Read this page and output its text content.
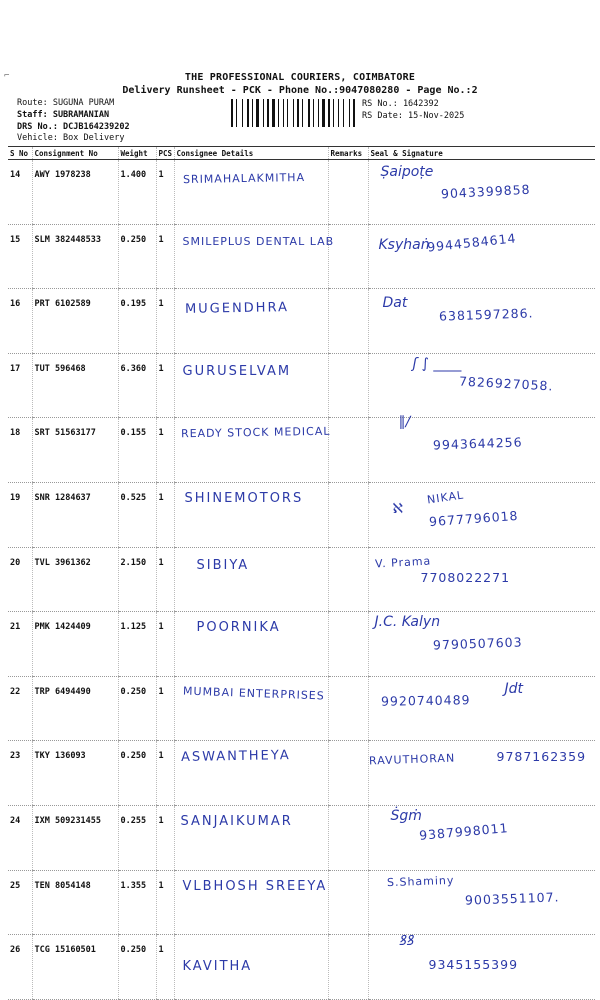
⌐	THE PROFESSIONAL COURIERS, COIMBATORE
Delivery Runsheet - PCK - Phone No.:9047080280 - Page No.:2
Route: SUGUNA PURAM
Staff: SUBRAMANIAN
DRS No.: DCJB164239202
Vehicle: Box Delivery
RS No.: 1642392
RS Date: 15-Nov-2025
S No	Consignment No	Weight	PCS	Consignee Details	Remarks	Seal & Signature
14	AWY 1978238	1.400	1	SRIMAHALAKMITHA		Ṣaipoṭe
9043399858

15	SLM 382448533	0.250	1	SMILEPLUS DENTAL LAB		Ksyhaṅ
9944584614

16	PRT 6102589	0.195	1	MUGENDHRA		Dat
6381597286.

17	TUT 596468	6.360	1	GURUSELVAM		ʃ ∫ ____
7826927058.

18	SRT 51563177	0.155	1	READY STOCK MEDICAL		∥∕
9943644256

19	SNR 1284637	0.525	1	SHINEMOTORS		ℵ
NIKAL
9677796018

20	TVL 3961362	2.150	1	SIBIYA		V. Prama
7708022271

21	PMK 1424409	1.125	1	POORNIKA		J.C. Kalyn
9790507603

22	TRP 6494490	0.250	1	MUMBAI ENTERPRISES		Jdt
9920740489

23	TKY 136093	0.250	1	ASWANTHEYA		RAVUTHORAN 9787162359

24	IXM 509231455	0.255	1	SANJAIKUMAR		Ṡgṁ
9387998011

25	TEN 8054148	1.355	1	VLBHOSH SREEYA		S.Shaminy
9003551107.

26	TCG 15160501	0.250	1	KAVITHA		ꝸꝸ
9345155399
